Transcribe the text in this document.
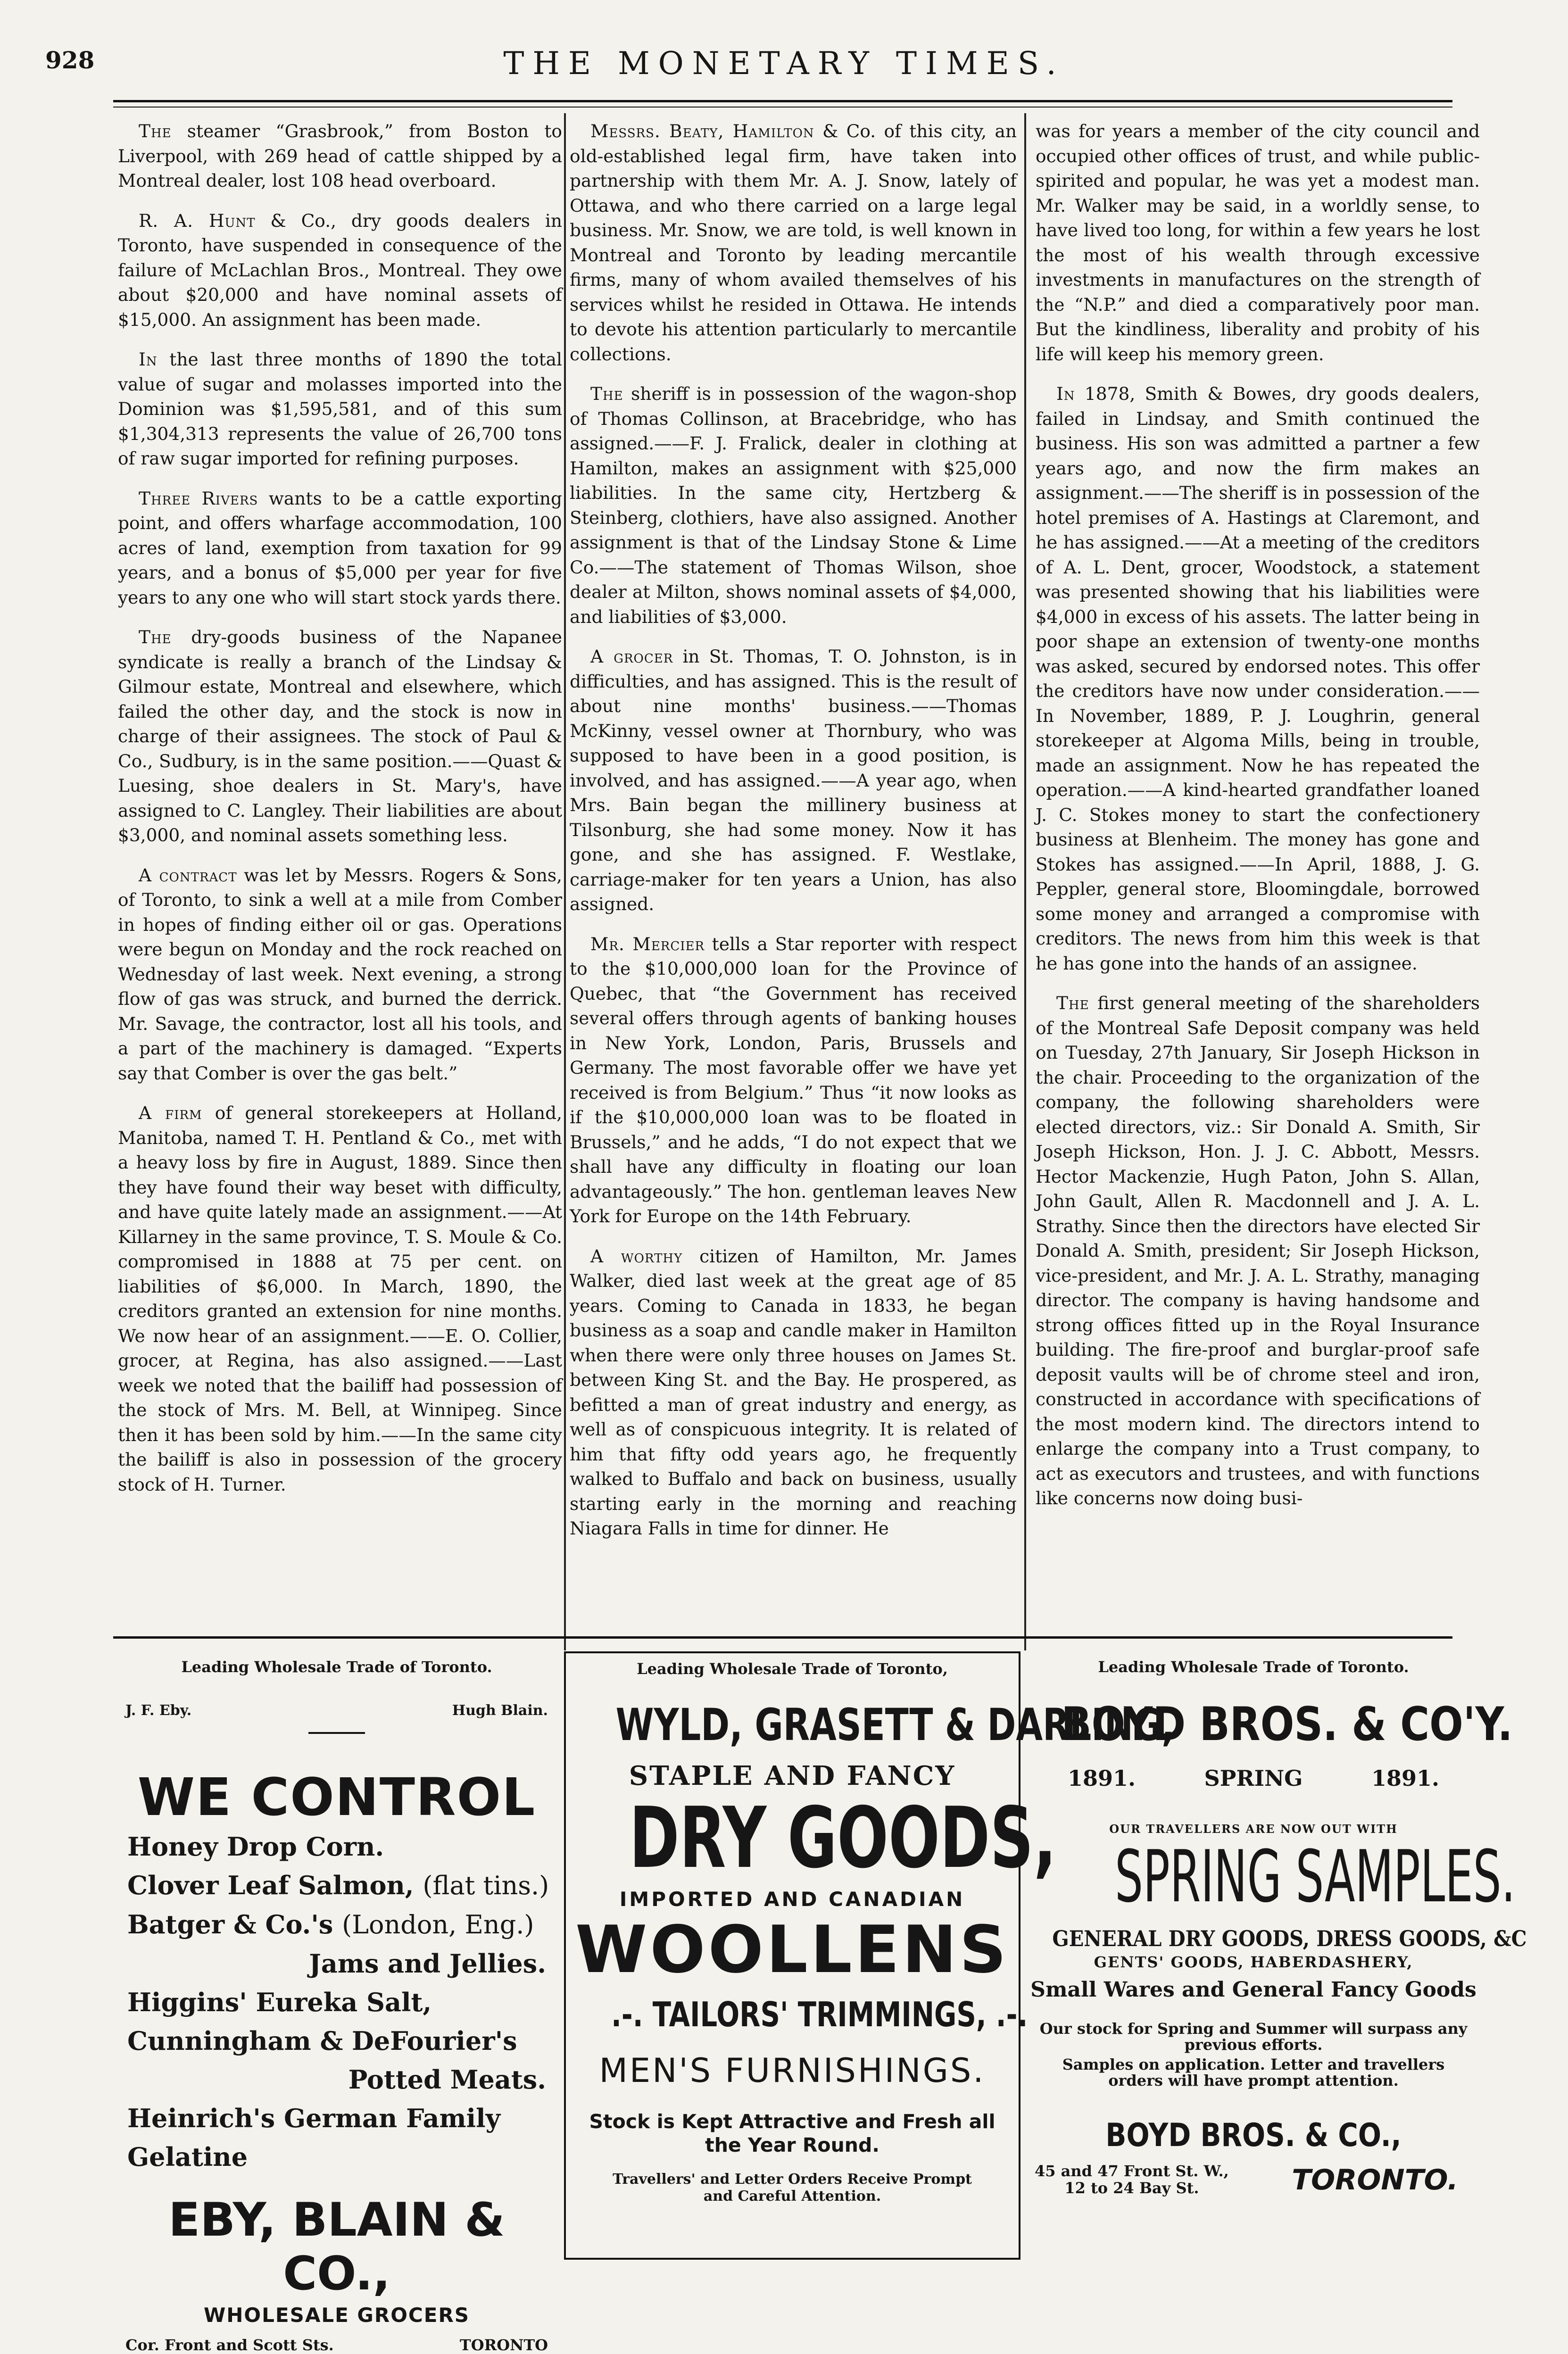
928	THE MONETARY TIMES.

The steamer “Grasbrook,” from Boston to Liverpool, with 269 head of cattle shipped by a Montreal dealer, lost 108 head overboard.

R. A. Hunt & Co., dry goods dealers in Toronto, have suspended in consequence of the failure of McLachlan Bros., Montreal. They owe about $20,000 and have nominal assets of $15,000. An assignment has been made.

In the last three months of 1890 the total value of sugar and molasses imported into the Dominion was $1,595,581, and of this sum $1,304,313 represents the value of 26,700 tons of raw sugar imported for refining purposes.

Three Rivers wants to be a cattle exporting point, and offers wharfage accommodation, 100 acres of land, exemption from taxation for 99 years, and a bonus of $5,000 per year for five years to any one who will start stock yards there.

The dry-goods business of the Napanee syndicate is really a branch of the Lindsay & Gilmour estate, Montreal and elsewhere, which failed the other day, and the stock is now in charge of their assignees. The stock of Paul & Co., Sudbury, is in the same position.——Quast & Luesing, shoe dealers in St. Mary's, have assigned to C. Langley. Their liabilities are about $3,000, and nominal assets something less.

A contract was let by Messrs. Rogers & Sons, of Toronto, to sink a well at a mile from Comber in hopes of finding either oil or gas. Operations were begun on Monday and the rock reached on Wednesday of last week. Next evening, a strong flow of gas was struck, and burned the derrick. Mr. Savage, the contractor, lost all his tools, and a part of the machinery is damaged. “Experts say that Comber is over the gas belt.”

A firm of general storekeepers at Holland, Manitoba, named T. H. Pentland & Co., met with a heavy loss by fire in August, 1889. Since then they have found their way beset with difficulty, and have quite lately made an assignment.——At Killarney in the same province, T. S. Moule & Co. compromised in 1888 at 75 per cent. on liabilities of $6,000. In March, 1890, the creditors granted an extension for nine months. We now hear of an assignment.——E. O. Collier, grocer, at Regina, has also assigned.——Last week we noted that the bailiff had possession of the stock of Mrs. M. Bell, at Winnipeg. Since then it has been sold by him.——In the same city the bailiff is also in possession of the grocery stock of H. Turner.

Messrs. Beaty, Hamilton & Co. of this city, an old-established legal firm, have taken into partnership with them Mr. A. J. Snow, lately of Ottawa, and who there carried on a large legal business. Mr. Snow, we are told, is well known in Montreal and Toronto by leading mercantile firms, many of whom availed themselves of his services whilst he resided in Ottawa. He intends to devote his attention particularly to mercantile collections.

The sheriff is in possession of the wagon-shop of Thomas Collinson, at Bracebridge, who has assigned.——F. J. Fralick, dealer in clothing at Hamilton, makes an assignment with $25,000 liabilities. In the same city, Hertzberg & Steinberg, clothiers, have also assigned. Another assignment is that of the Lindsay Stone & Lime Co.——The statement of Thomas Wilson, shoe dealer at Milton, shows nominal assets of $4,000, and liabilities of $3,000.

A grocer in St. Thomas, T. O. Johnston, is in difficulties, and has assigned. This is the result of about nine months' business.——Thomas McKinny, vessel owner at Thornbury, who was supposed to have been in a good position, is involved, and has assigned.——A year ago, when Mrs. Bain began the millinery business at Tilsonburg, she had some money. Now it has gone, and she has assigned. F. Westlake, carriage-maker for ten years a Union, has also assigned.

Mr. Mercier tells a Star reporter with respect to the $10,000,000 loan for the Province of Quebec, that “the Government has received several offers through agents of banking houses in New York, London, Paris, Brussels and Germany. The most favorable offer we have yet received is from Belgium.” Thus “it now looks as if the $10,000,000 loan was to be floated in Brussels,” and he adds, “I do not expect that we shall have any difficulty in floating our loan advantageously.” The hon. gentleman leaves New York for Europe on the 14th February.

A worthy citizen of Hamilton, Mr. James Walker, died last week at the great age of 85 years. Coming to Canada in 1833, he began business as a soap and candle maker in Hamilton when there were only three houses on James St. between King St. and the Bay. He prospered, as befitted a man of great industry and energy, as well as of conspicuous integrity. It is related of him that fifty odd years ago, he frequently walked to Buffalo and back on business, usually starting early in the morning and reaching Niagara Falls in time for dinner. He

was for years a member of the city council and occupied other offices of trust, and while public-spirited and popular, he was yet a modest man. Mr. Walker may be said, in a worldly sense, to have lived too long, for within a few years he lost the most of his wealth through excessive investments in manufactures on the strength of the “N.P.” and died a comparatively poor man. But the kindliness, liberality and probity of his life will keep his memory green.

In 1878, Smith & Bowes, dry goods dealers, failed in Lindsay, and Smith continued the business. His son was admitted a partner a few years ago, and now the firm makes an assignment.——The sheriff is in possession of the hotel premises of A. Hastings at Claremont, and he has assigned.——At a meeting of the creditors of A. L. Dent, grocer, Woodstock, a statement was presented showing that his liabilities were $4,000 in excess of his assets. The latter being in poor shape an extension of twenty-one months was asked, secured by endorsed notes. This offer the creditors have now under consideration.——In November, 1889, P. J. Loughrin, general storekeeper at Algoma Mills, being in trouble, made an assignment. Now he has repeated the operation.——A kind-hearted grandfather loaned J. C. Stokes money to start the confectionery business at Blenheim. The money has gone and Stokes has assigned.——In April, 1888, J. G. Peppler, general store, Bloomingdale, borrowed some money and arranged a compromise with creditors. The news from him this week is that he has gone into the hands of an assignee.

The first general meeting of the shareholders of the Montreal Safe Deposit company was held on Tuesday, 27th January, Sir Joseph Hickson in the chair. Proceeding to the organization of the company, the following shareholders were elected directors, viz.: Sir Donald A. Smith, Sir Joseph Hickson, Hon. J. J. C. Abbott, Messrs. Hector Mackenzie, Hugh Paton, John S. Allan, John Gault, Allen R. Macdonnell and J. A. L. Strathy. Since then the directors have elected Sir Donald A. Smith, president; Sir Joseph Hickson, vice-president, and Mr. J. A. L. Strathy, managing director. The company is having handsome and strong offices fitted up in the Royal Insurance building. The fire-proof and burglar-proof safe deposit vaults will be of chrome steel and iron, constructed in accordance with specifications of the most modern kind. The directors intend to enlarge the company into a Trust company, to act as executors and trustees, and with functions like concerns now doing busi-

Leading Wholesale Trade of Toronto.
J. F. Eby.	Hugh Blain.
WE CONTROL
Honey Drop Corn.
Clover Leaf Salmon, (flat tins.)
Batger & Co.'s (London, Eng.)
Jams and Jellies.
Higgins' Eureka Salt,
Cunningham & DeFourier's
Potted Meats.
Heinrich's German Family Gelatine
EBY, BLAIN & CO.,
WHOLESALE GROCERS
Cor. Front and Scott Sts.	TORONTO
Leading Wholesale Trade of Toronto,
WYLD, GRASETT & DARLING,
STAPLE AND FANCY
DRY GOODS,
IMPORTED AND CANADIAN
WOOLLENS
.-. TAILORS' TRIMMINGS, .-.
MEN'S FURNISHINGS.
Stock is Kept Attractive and Fresh all the Year Round.
Travellers' and Letter Orders Receive Prompt and Careful Attention.
Leading Wholesale Trade of Toronto.
BOYD BROS. & CO'Y.
1891.	SPRING	1891.
OUR TRAVELLERS ARE NOW OUT WITH
SPRING SAMPLES.
GENERAL DRY GOODS, DRESS GOODS, &C
GENTS' GOODS, HABERDASHERY,
Small Wares and General Fancy Goods
Our stock for Spring and Summer will surpass any previous efforts.
Samples on application. Letter and travellers orders will have prompt attention.
BOYD BROS. & CO.,
45 and 47 Front St. W.,
12 to 24 Bay St.	TORONTO.
